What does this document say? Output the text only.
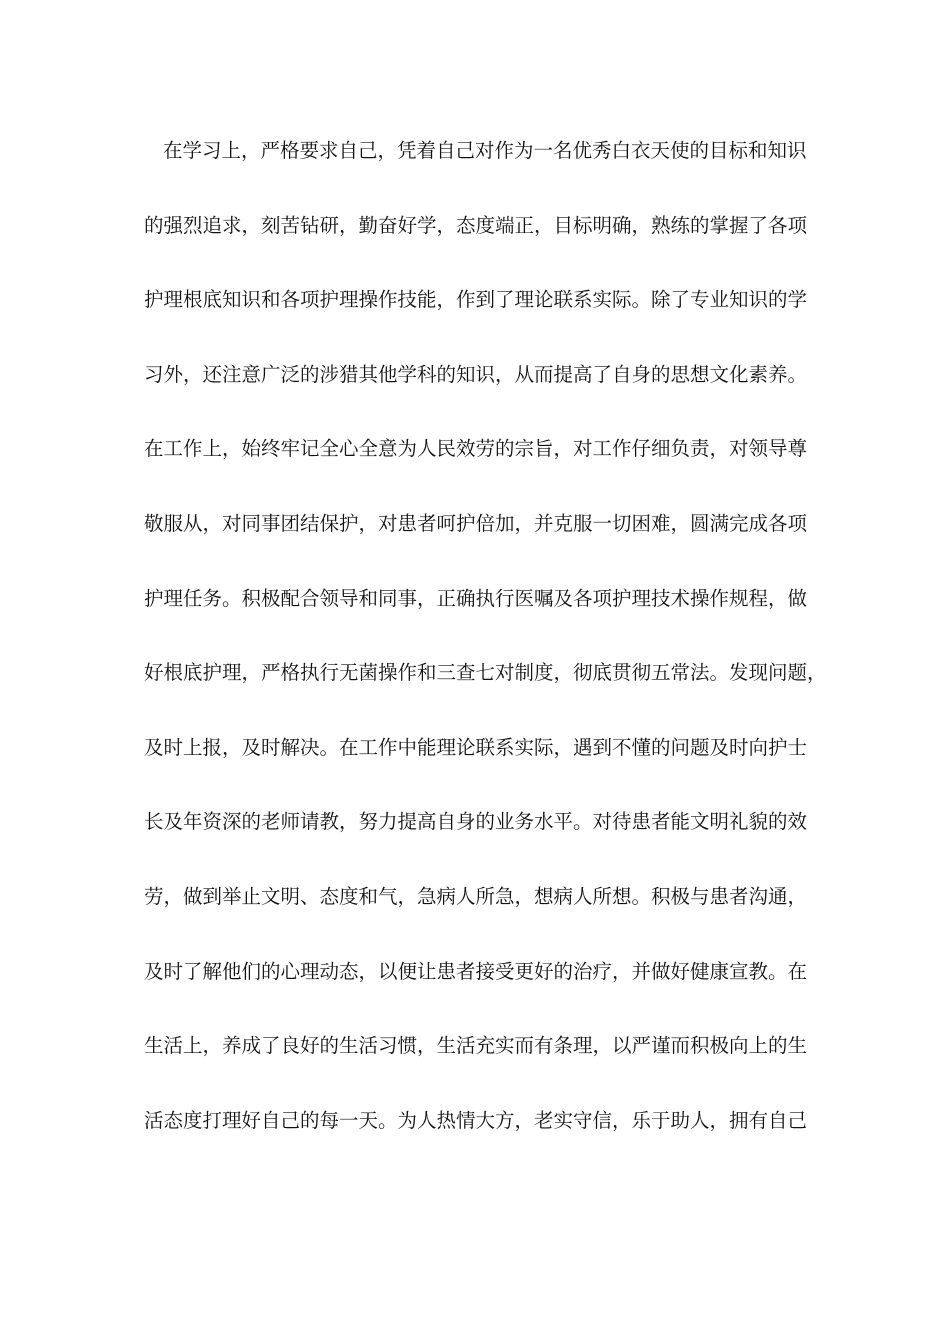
在学习上，严格要求自己，凭着自己对作为一名优秀白衣天使的目标和知识
的强烈追求，刻苦钻研，勤奋好学，态度端正，目标明确，熟练的掌握了各项
护理根底知识和各项护理操作技能，作到了理论联系实际。除了专业知识的学
习外，还注意广泛的涉猎其他学科的知识，从而提高了自身的思想文化素养。
在工作上，始终牢记全心全意为人民效劳的宗旨，对工作仔细负责，对领导尊
敬服从，对同事团结保护，对患者呵护倍加，并克服一切困难，圆满完成各项
护理任务。积极配合领导和同事，正确执行医嘱及各项护理技术操作规程，做
好根底护理，严格执行无菌操作和三查七对制度，彻底贯彻五常法。发现问题，
及时上报，及时解决。在工作中能理论联系实际，遇到不懂的问题及时向护士
长及年资深的老师请教，努力提高自身的业务水平。对待患者能文明礼貌的效
劳，做到举止文明、态度和气，急病人所急，想病人所想。积极与患者沟通，
及时了解他们的心理动态，以便让患者接受更好的治疗，并做好健康宣教。在
生活上，养成了良好的生活习惯，生活充实而有条理，以严谨而积极向上的生
活态度打理好自己的每一天。为人热情大方，老实守信，乐于助人，拥有自己
